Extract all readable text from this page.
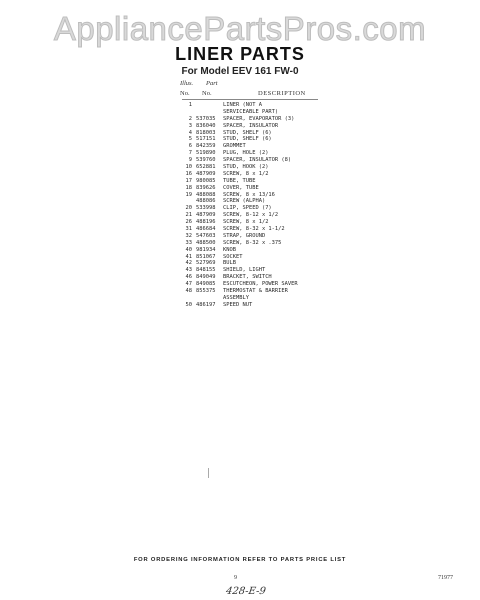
AppliancePartsPros.com
LINER PARTS
For Model EEV 161 FW-0
Illus. Part
No. No.	DESCRIPTION
1	LINER (NOT A
SERVICEABLE PART)
2 537035	SPACER, EVAPORATOR (3)
3 836040	SPACER, INSULATOR
4 818003	STUD, SHELF (6)
5 517151	STUD, SHELF (6)
6 842359	GROMMET
7 519890	PLUG, HOLE (2)
9 539760	SPACER, INSULATOR (8)
10 652881	STUD, HOOK (2)
16 487909	SCREW, 8 x 1/2
17 980085	TUBE, TUBE
18 839626	COVER, TUBE
19 488088	SCREW, 8 x 13/16
488086	SCREW (ALPHA)
20 533998	CLIP, SPEED (7)
21 487909	SCREW, 8-12 x 1/2
26 488196	SCREW, 8 x 1/2
31 486684	SCREW, 8-32 x 1-1/2
32 547603	STRAP, GROUND
33 488500	SCREW, 8-32 x .375
40 981934	KNOB
41 851067	SOCKET
42 527969	BULB
43 848155	SHIELD, LIGHT
46 849049	BRACKET, SWITCH
47 849085	ESCUTCHEON, POWER SAVER
48 855375	THERMOSTAT & BARRIER
ASSEMBLY
50 486197	SPEED NUT
FOR ORDERING INFORMATION REFER TO PARTS PRICE LIST
9	71977
428-E-9
